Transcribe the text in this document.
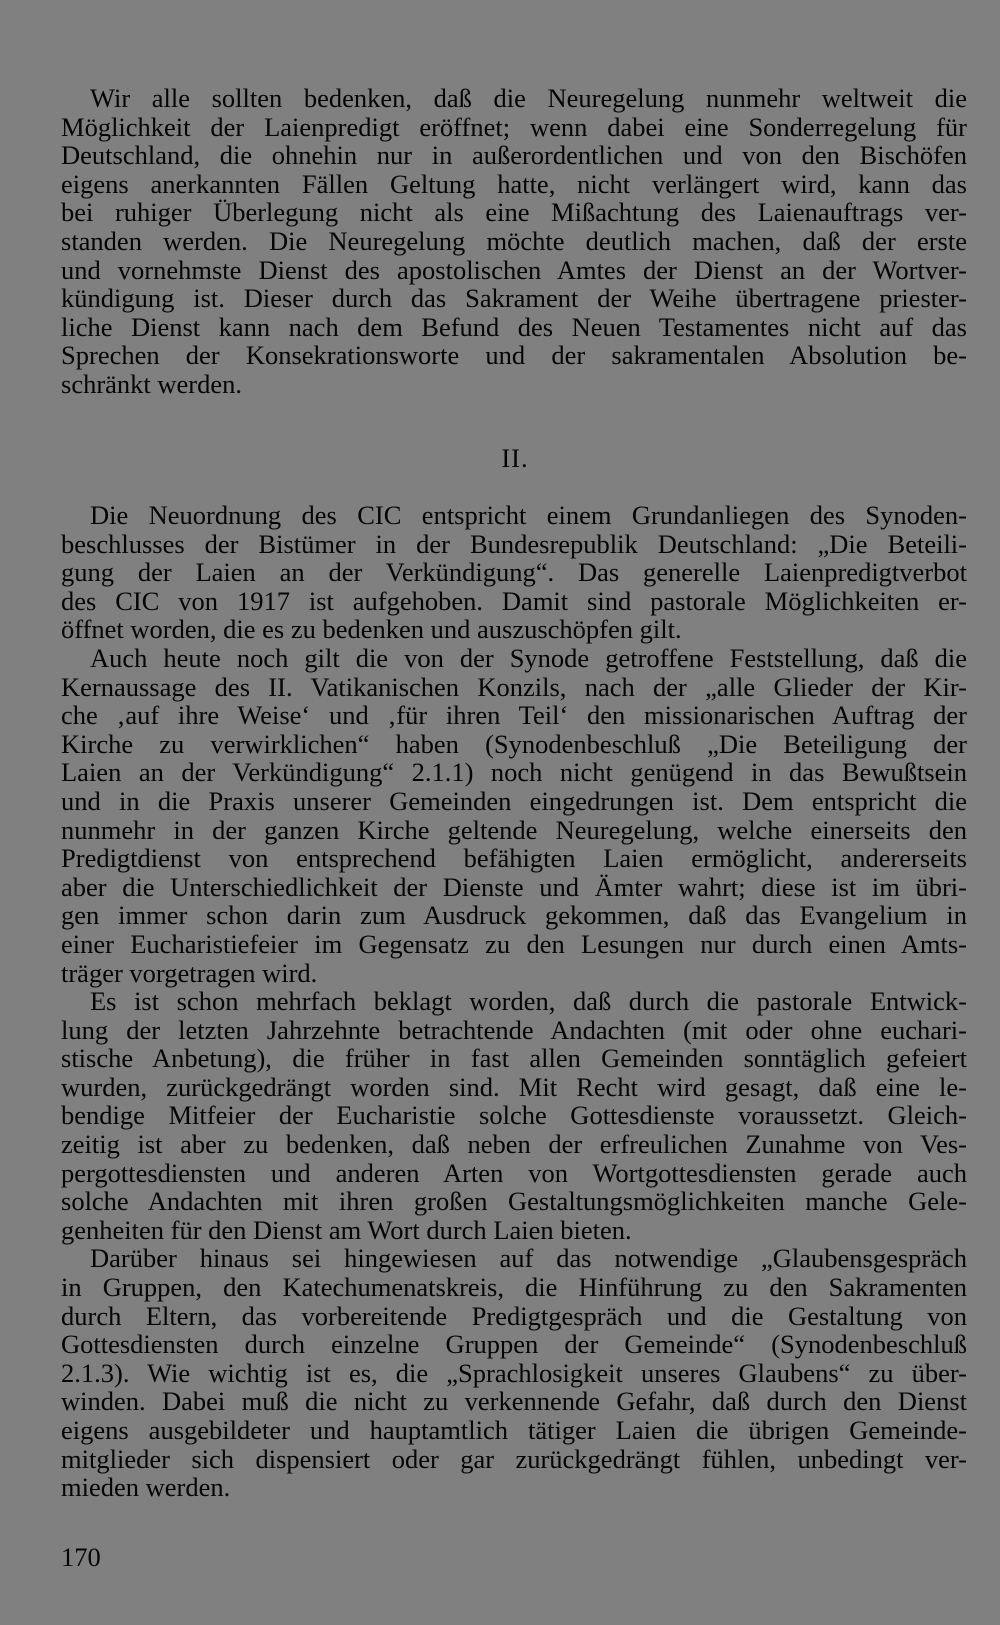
Wir alle sollten bedenken, daß die Neuregelung nunmehr weltweit die
Möglichkeit der Laienpredigt eröffnet; wenn dabei eine Sonderregelung für
Deutschland, die ohnehin nur in außerordentlichen und von den Bischöfen
eigens anerkannten Fällen Geltung hatte, nicht verlängert wird, kann das
bei ruhiger Überlegung nicht als eine Mißachtung des Laienauftrags ver-
standen werden. Die Neuregelung möchte deutlich machen, daß der erste
und vornehmste Dienst des apostolischen Amtes der Dienst an der Wortver-
kündigung ist. Dieser durch das Sakrament der Weihe übertragene priester-
liche Dienst kann nach dem Befund des Neuen Testamentes nicht auf das
Sprechen der Konsekrationsworte und der sakramentalen Absolution be-
schränkt werden.
II.
Die Neuordnung des CIC entspricht einem Grundanliegen des Synoden-
beschlusses der Bistümer in der Bundesrepublik Deutschland: „Die Beteili-
gung der Laien an der Verkündigung“. Das generelle Laienpredigtverbot
des CIC von 1917 ist aufgehoben. Damit sind pastorale Möglichkeiten er-
öffnet worden, die es zu bedenken und auszuschöpfen gilt.
Auch heute noch gilt die von der Synode getroffene Feststellung, daß die
Kernaussage des II. Vatikanischen Konzils, nach der „alle Glieder der Kir-
che ‚auf ihre Weise‘ und ‚für ihren Teil‘ den missionarischen Auftrag der
Kirche zu verwirklichen“ haben (Synodenbeschluß „Die Beteiligung der
Laien an der Verkündigung“ 2.1.1) noch nicht genügend in das Bewußtsein
und in die Praxis unserer Gemeinden eingedrungen ist. Dem entspricht die
nunmehr in der ganzen Kirche geltende Neuregelung, welche einerseits den
Predigtdienst von entsprechend befähigten Laien ermöglicht, andererseits
aber die Unterschiedlichkeit der Dienste und Ämter wahrt; diese ist im übri-
gen immer schon darin zum Ausdruck gekommen, daß das Evangelium in
einer Eucharistiefeier im Gegensatz zu den Lesungen nur durch einen Amts-
träger vorgetragen wird.
Es ist schon mehrfach beklagt worden, daß durch die pastorale Entwick-
lung der letzten Jahrzehnte betrachtende Andachten (mit oder ohne euchari-
stische Anbetung), die früher in fast allen Gemeinden sonntäglich gefeiert
wurden, zurückgedrängt worden sind. Mit Recht wird gesagt, daß eine le-
bendige Mitfeier der Eucharistie solche Gottesdienste voraussetzt. Gleich-
zeitig ist aber zu bedenken, daß neben der erfreulichen Zunahme von Ves-
pergottesdiensten und anderen Arten von Wortgottesdiensten gerade auch
solche Andachten mit ihren großen Gestaltungsmöglichkeiten manche Gele-
genheiten für den Dienst am Wort durch Laien bieten.
Darüber hinaus sei hingewiesen auf das notwendige „Glaubensgespräch
in Gruppen, den Katechumenatskreis, die Hinführung zu den Sakramenten
durch Eltern, das vorbereitende Predigtgespräch und die Gestaltung von
Gottesdiensten durch einzelne Gruppen der Gemeinde“ (Synodenbeschluß
2.1.3). Wie wichtig ist es, die „Sprachlosigkeit unseres Glaubens“ zu über-
winden. Dabei muß die nicht zu verkennende Gefahr, daß durch den Dienst
eigens ausgebildeter und hauptamtlich tätiger Laien die übrigen Gemeinde-
mitglieder sich dispensiert oder gar zurückgedrängt fühlen, unbedingt ver-
mieden werden.
170
